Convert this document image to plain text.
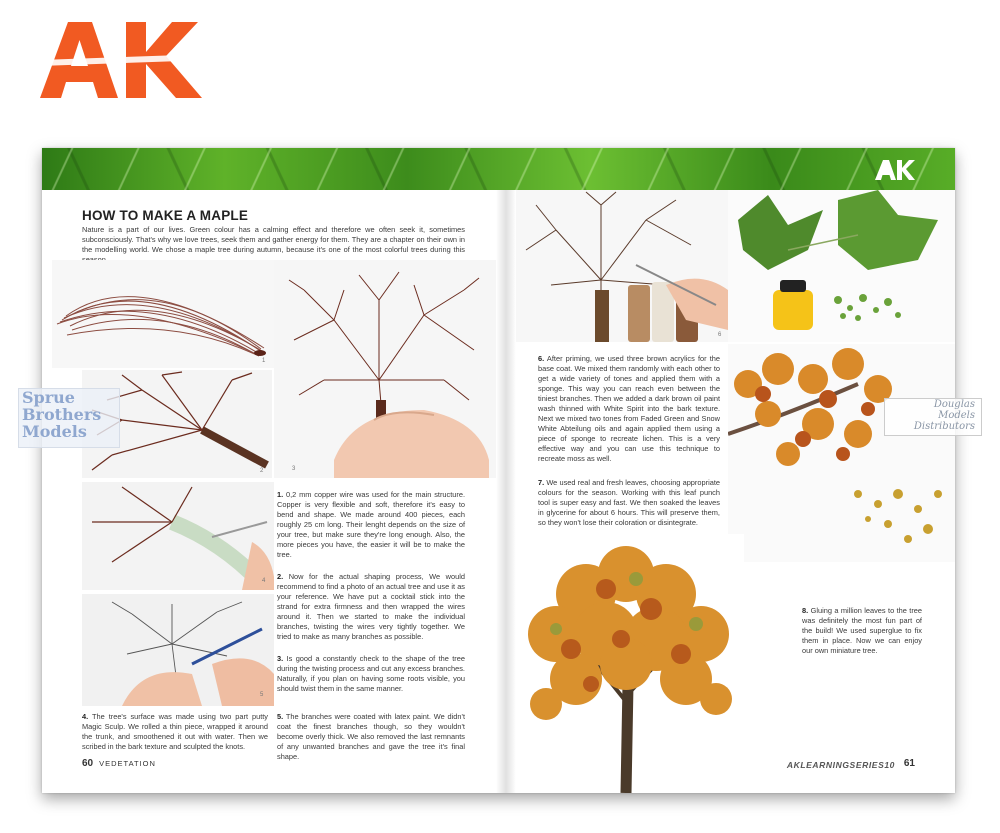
HOW TO MAKE A MAPLE

Nature is a part of our lives. Green colour has a calming effect and therefore we often seek it, sometimes subconsciously. That's why we love trees, seek them and gather energy for them. They are a chapter on their own in the modelling world. We chose a maple tree during autumn, because it's one of the most colorful trees during this

1
2	3
4
5

1. 0,2 mm copper wire was used for the main structure. Copper is very flexible and soft, therefore it's easy to bend and shape. We made around 400 pieces, each roughly 25 cm long. Their lenght depends on the size of your tree, but make sure they're long enough. Also, the more pieces you have, the easier it will be to make the tree.

2. Now for the actual shaping process, We would recommend to find a photo of an actual tree and use it as your reference. We have put a cocktail stick into the strand for extra firmness and then wrapped the wires around it. Then we started to make the individual branches, twisting the wires very tightly together. We tried to make as many branches as possible.

3. Is good a constantly check to the shape of the tree during the twisting process and cut any excess branches. Naturally, if you plan on having some roots visible, you should twist them in the same manner.

4. The tree's surface was made using two part putty Magic Sculp. We rolled a thin piece, wrapped it around the trunk, and smoothened it out with water. Then we scribed in the bark texture and sculpted the knots.

5. The branches were coated with latex paint. We didn't coat the finest branches though, so they wouldn't become overly thick. We also removed the last remnants of any unwanted branches and gave the tree it's final shape.

60 VEDETATION
6

6. After priming, we used three brown acrylics for the base coat. We mixed them randomly with each other to get a wide variety of tones and applied them with a sponge. This way you can reach even between the tiniest branches. Then we added a dark brown oil paint wash thinned with White Spirit into the bark texture. Next we mixed two tones from Faded Green and Snow White Abteilung oils and again applied them using a piece of sponge to recreate lichen. This is a very effective way and you can use this technique to recreate moss as well.

7. We used real and fresh leaves, choosing appropriate colours for the season. Working with this leaf punch tool is super easy and fast. We then soaked the leaves in glycerine for about 6 hours. This will preserve them, so they won't lose their coloration or disintegrate.

8. Gluing a million leaves to the tree was definitely the most fun part of the build! We used superglue to fix them in place. Now we can enjoy our own miniature tree.

AKLEARNINGSERIES10 61
Sprue
Brothers
Models
Douglas
Models
Distributors
